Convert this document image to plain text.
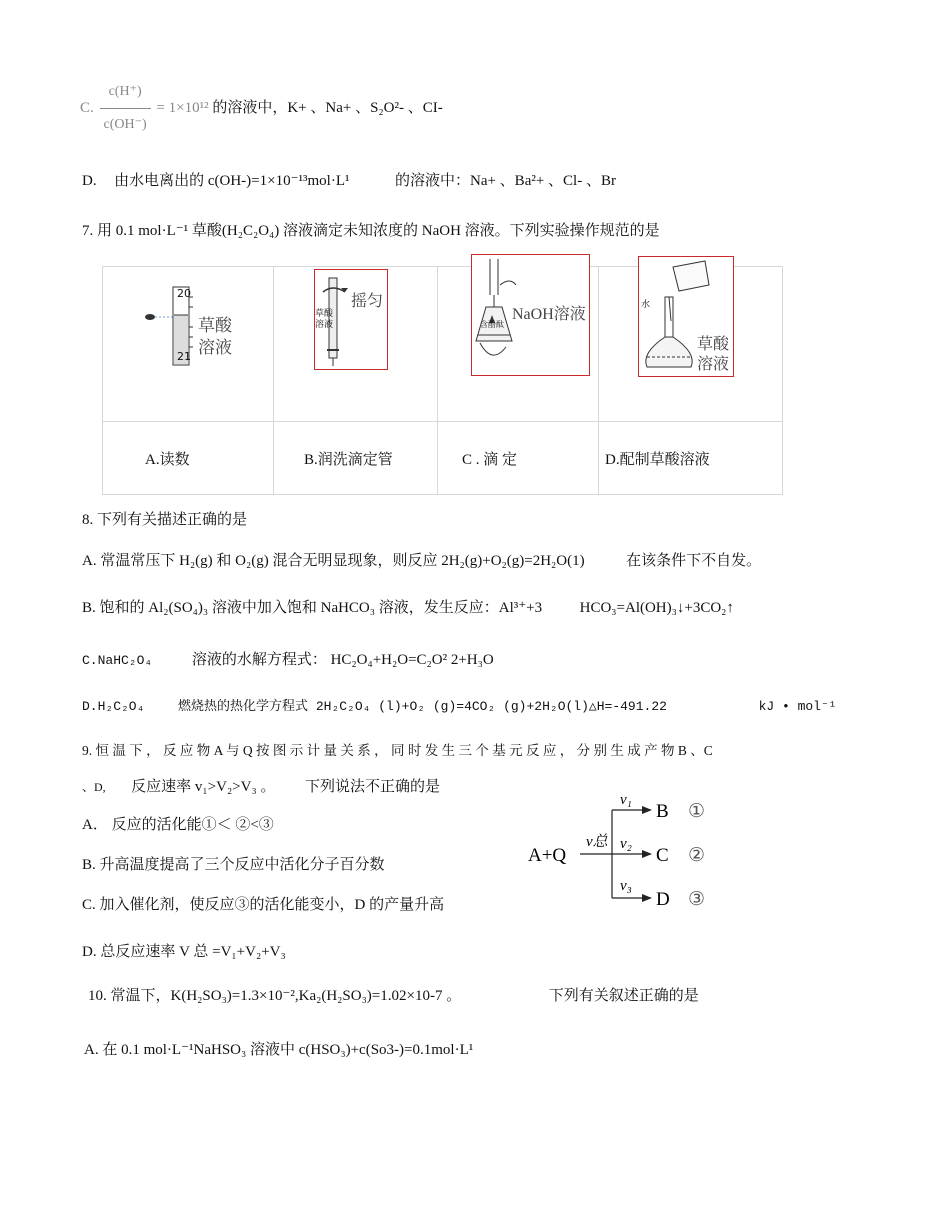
C. $\frac{c(H^+)}{c(OH^-)} = 1\times 10^{12}$ 的溶液中，K+ 、Na+ 、S₂O²- 、CI-
D. 由水电离出的 c(OH-)=1×10⁻¹³mol·L¹	的溶液中：Na+ 、Ba²+ 、Cl- 、Br
7. 用 0.1 mol·L⁻¹ 草酸(H₂C₂O₄) 溶液滴定未知浓度的 NaOH 溶液。下列实验操作规范的是
20
21
草酸
溶液	摇匀
草酸
溶液	NaOH溶液
含酚酞	水
草酸
溶液

A.读数	B.润洗滴定管	C . 滴 定	D.配制草酸溶液
8. 下列有关描述正确的是
A. 常温常压下 H₂(g) 和 O₂(g) 混合无明显现象，则反应 2H₂(g)+O₂(g)=2H₂O(1)	在该条件下不自发。
B. 饱和的 Al₂(SO₄)₃ 溶液中加入饱和 NaHCO₃ 溶液，发生反应：Al³⁺+3	HCO₃=Al(OH)₃↓+3CO₂↑
C.NaHC₂O₄	溶液的水解方程式： HC₂O₄+H₂O=C₂O² 2+H₃O
D.H₂C₂O₄	燃烧热的热化学方程式 2H₂C₂O₄ (l)+O₂ (g)=4CO₂ (g)+2H₂O(l)△H=-491.22	kJ • mol⁻¹
9. 恒 温 下 ， 反 应 物 A 与 Q 按 图 示 计 量 关 系 ， 同 时 发 生 三 个 基 元 反 应 ， 分 别 生 成 产 物 B 、C
、D, 反应速率 v₁>V₂>V₃ 。 下列说法不正确的是
A． 反应的活化能①＜ ②<③
B. 升高温度提高了三个反应中活化分子百分数
C. 加入催化剂，使反应③的活化能变小，D 的产量升高
D. 总反应速率 V 总 =V₁+V₂+V₃
A+Q
v总
v₁
v₂
v₃
B
C
D
①
②
③
10. 常温下，K(H₂SO₃)=1.3×10⁻²,Ka₂(H₂SO₃)=1.02×10-7 。	下列有关叙述正确的是
A. 在 0.1 mol·L⁻¹NaHSO₃ 溶液中 c(HSO₃)+c(So3-)=0.1mol·L¹
